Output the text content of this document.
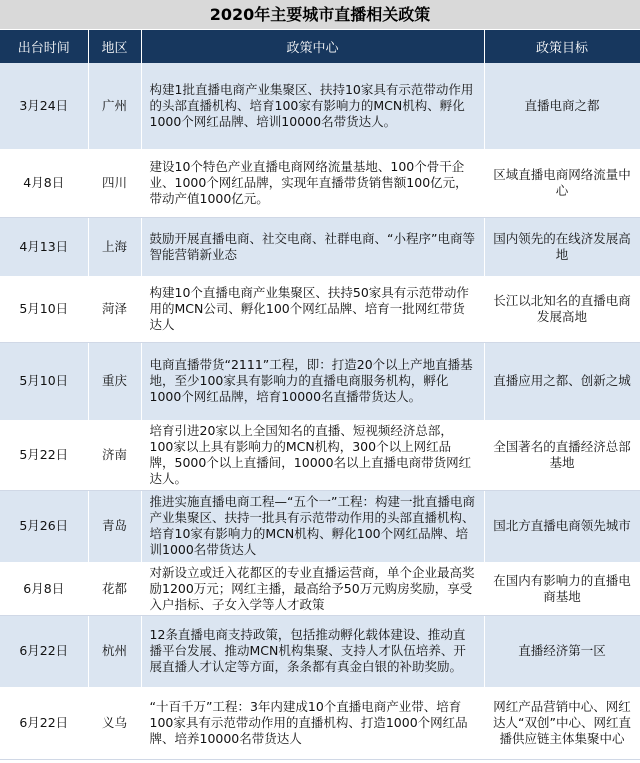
2020年主要城市直播相关政策
出台时间	地区	政策中心	政策目标
3月24日	广州	构建1批直播电商产业集聚区、扶持10家具有示范带动作用的头部直播机构、培育100家有影响力的MCN机构、孵化1000个网红品牌、培训10000名带货达人。	直播电商之都
4月8日	四川	建设10个特色产业直播电商网络流量基地、100个骨干企业、1000个网红品牌，实现年直播带货销售额100亿元，带动产值1000亿元。	区域直播电商网络流量中心
4月13日	上海	鼓励开展直播电商、社交电商、社群电商、“小程序”电商等智能营销新业态	国内领先的在线济发展高地
5月10日	菏泽	构建10个直播电商产业集聚区、扶持50家具有示范带动作用的MCN公司、孵化100个网红品牌、培育一批网红带货达人	长江以北知名的直播电商发展高地
5月10日	重庆	电商直播带货“2111”工程，即：打造20个以上产地直播基地，至少100家具有影响力的直播电商服务机构，孵化1000个网红品牌，培育10000名直播带货达人。	直播应用之都、创新之城
5月22日	济南	培育引进20家以上全国知名的直播、短视频经济总部，100家以上具有影响力的MCN机构，300个以上网红品牌，5000个以上直播间，10000名以上直播电商带货网红达人。	全国著名的直播经济总部基地
5月26日	青岛	推进实施直播电商工程—“五个一”工程：构建一批直播电商产业集聚区、扶持一批具有示范带动作用的头部直播机构、培育10家有影响力的MCN机构、孵化100个网红品牌、培训1000名带货达人	国北方直播电商领先城市
6月8日	花都	对新设立或迁入花都区的专业直播运营商，单个企业最高奖励1200万元；网红主播，最高给予50万元购房奖励，享受入户指标、子女入学等人才政策	在国内有影响力的直播电商基地
6月22日	杭州	12条直播电商支持政策，包括推动孵化载体建设、推动直播平台发展、推动MCN机构集聚、支持人才队伍培养、开展直播人才认定等方面，条条都有真金白银的补助奖励。	直播经济第一区
6月22日	义乌	“十百千万”工程：3年内建成10个直播电商产业带、培育100家具有示范带动作用的直播机构、打造1000个网红品牌、培养10000名带货达人	网红产品营销中心、网红达人“双创”中心、网红直播供应链主体集聚中心
